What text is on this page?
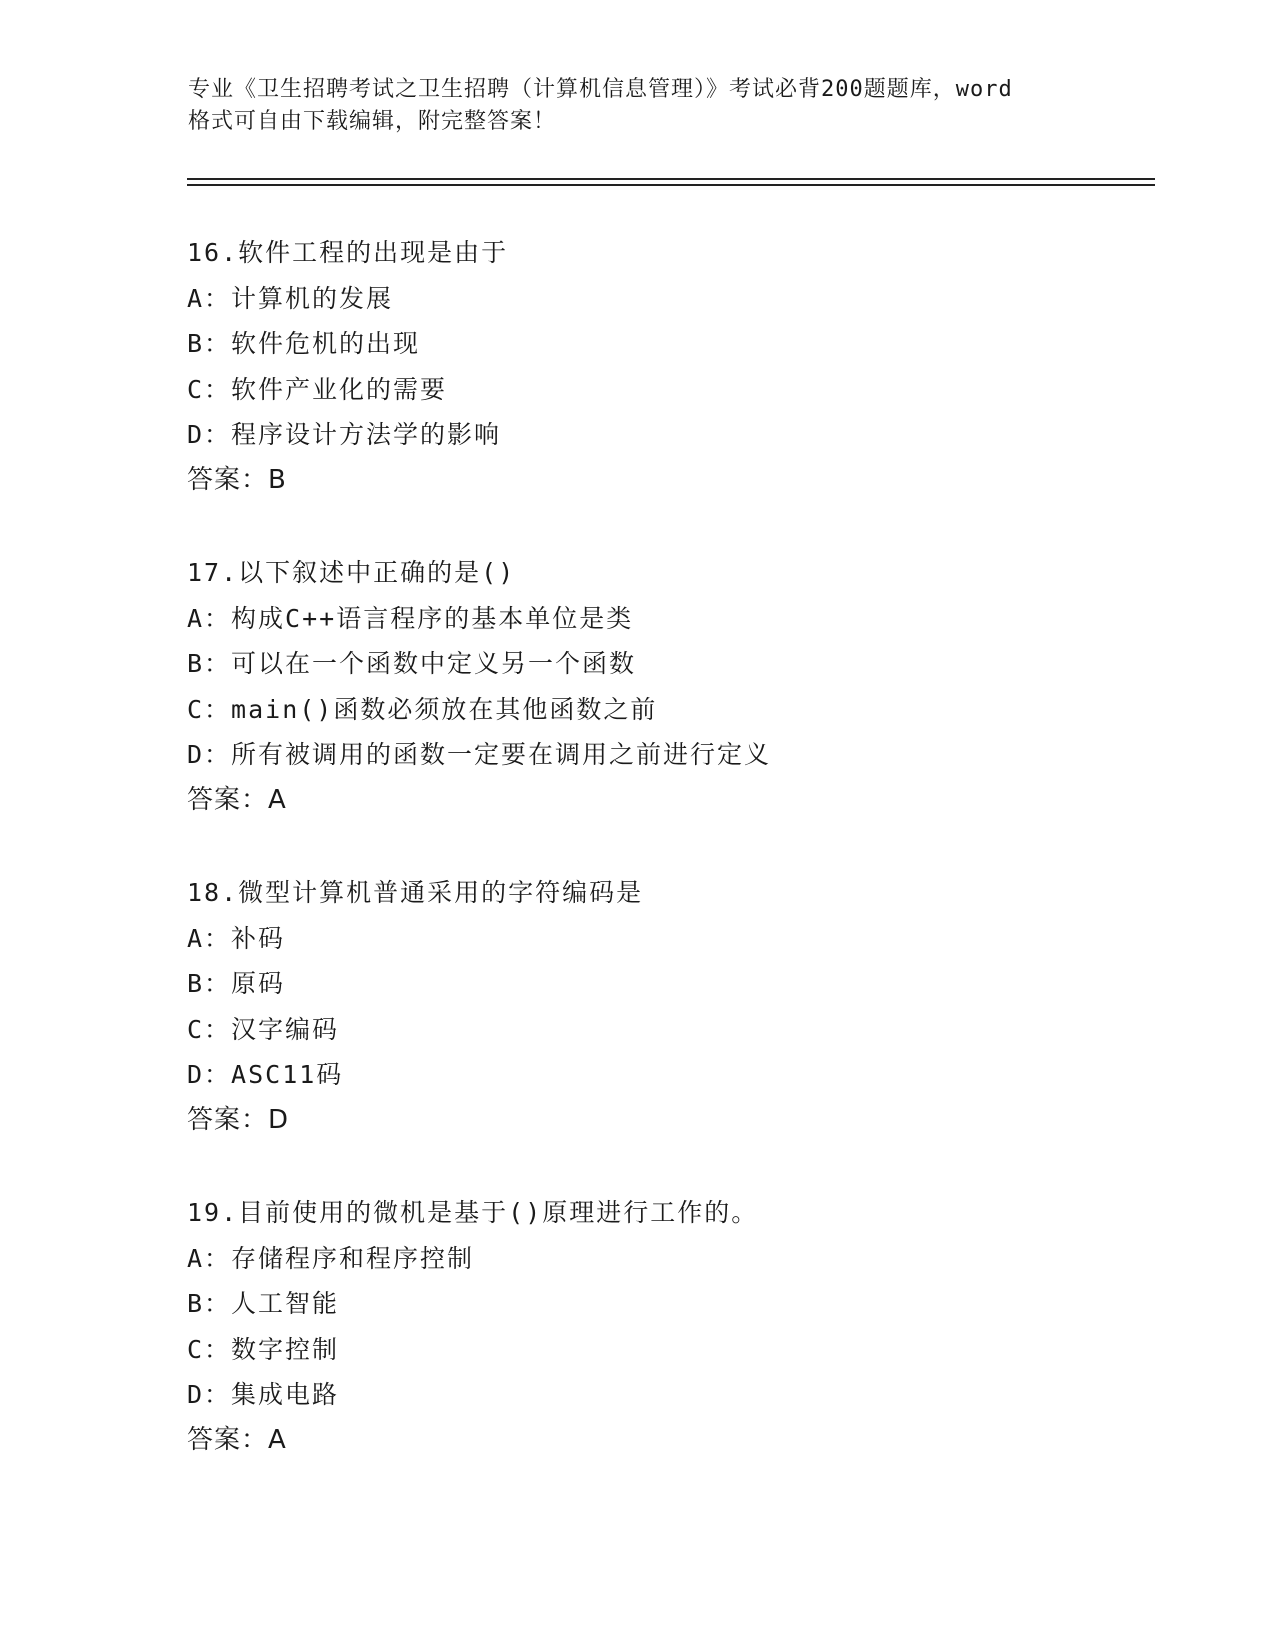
专业《卫生招聘考试之卫生招聘（计算机信息管理）》考试必背200题题库，word
格式可自由下载编辑，附完整答案！
16.软件工程的出现是由于
A：计算机的发展
B：软件危机的出现
C：软件产业化的需要
D：程序设计方法学的影响
答案：B
17.以下叙述中正确的是()
A：构成C++语言程序的基本单位是类
B：可以在一个函数中定义另一个函数
C：main()函数必须放在其他函数之前
D：所有被调用的函数一定要在调用之前进行定义
答案：A
18.微型计算机普通采用的字符编码是
A：补码
B：原码
C：汉字编码
D：ASC11码
答案：D
19.目前使用的微机是基于()原理进行工作的。
A：存储程序和程序控制
B：人工智能
C：数字控制
D：集成电路
答案：A
